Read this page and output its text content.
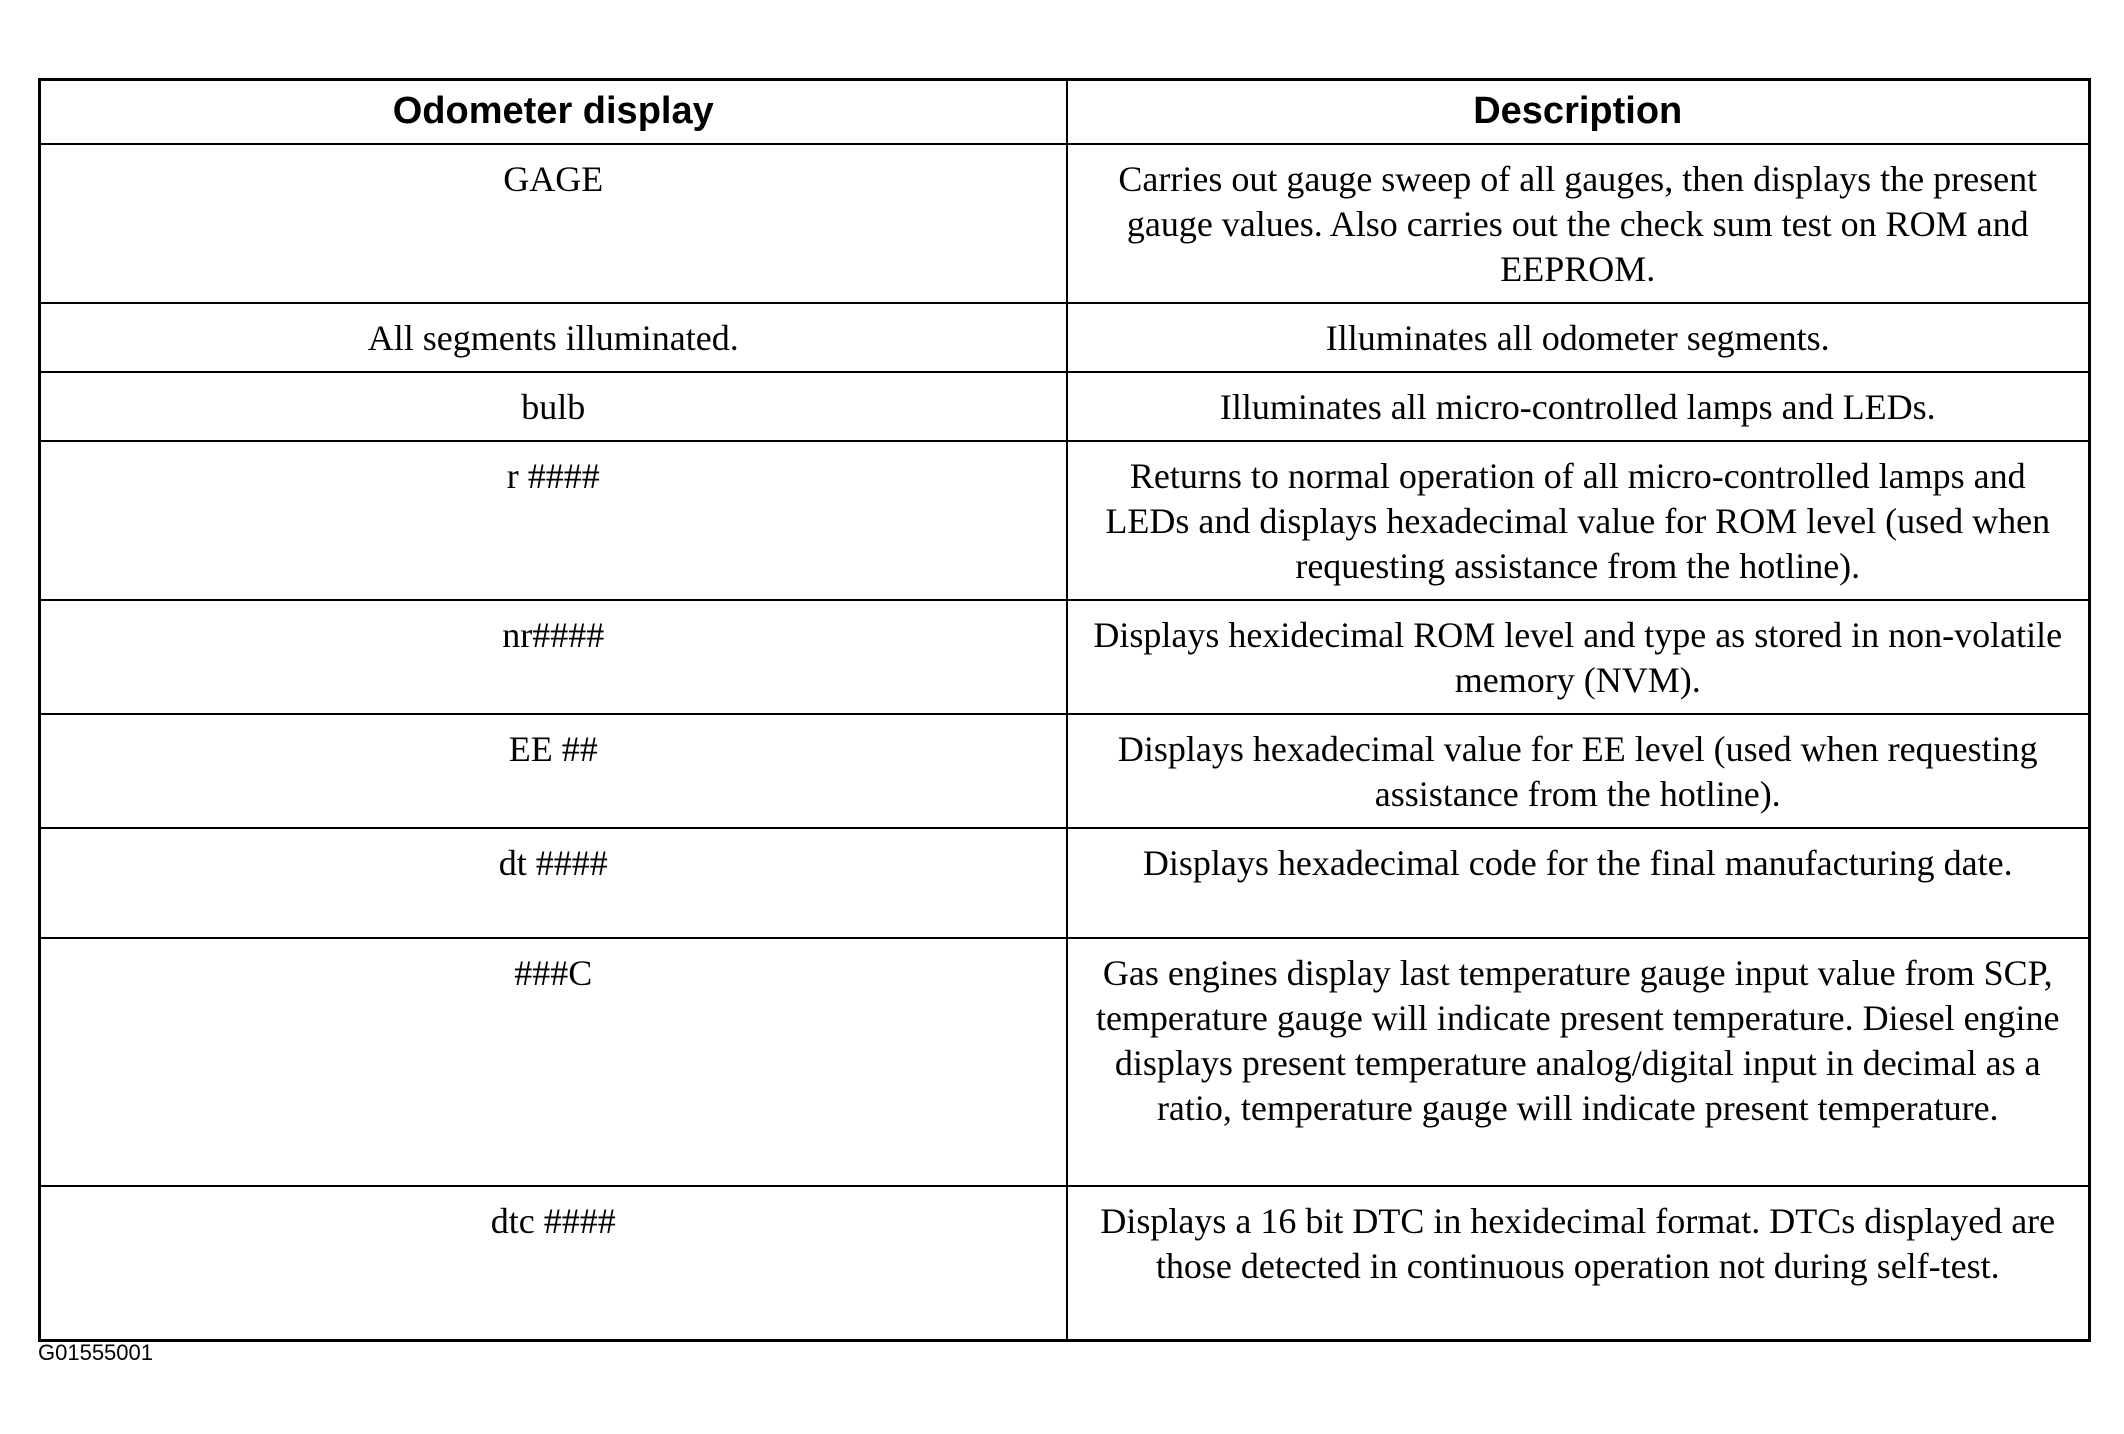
Odometer display	Description
GAGE	Carries out gauge sweep of all gauges, then displays the present gauge values. Also carries out the check sum test on ROM and EEPROM.
All segments illuminated.	Illuminates all odometer segments.
bulb	Illuminates all micro-controlled lamps and LEDs.
r ####	Returns to normal operation of all micro-controlled lamps and LEDs and displays hexadecimal value for ROM level (used when requesting assistance from the hotline).
nr####	Displays hexidecimal ROM level and type as stored in non-volatile memory (NVM).
EE ##	Displays hexadecimal value for EE level (used when requesting assistance from the hotline).
dt ####	Displays hexadecimal code for the final manufacturing date.
###C	Gas engines display last temperature gauge input value from SCP, temperature gauge will indicate present temperature. Diesel engine displays present temperature analog/digital input in decimal as a ratio, temperature gauge will indicate present temperature.
dtc ####	Displays a 16 bit DTC in hexidecimal format. DTCs displayed are those detected in continuous operation not during self-test.
G01555001
